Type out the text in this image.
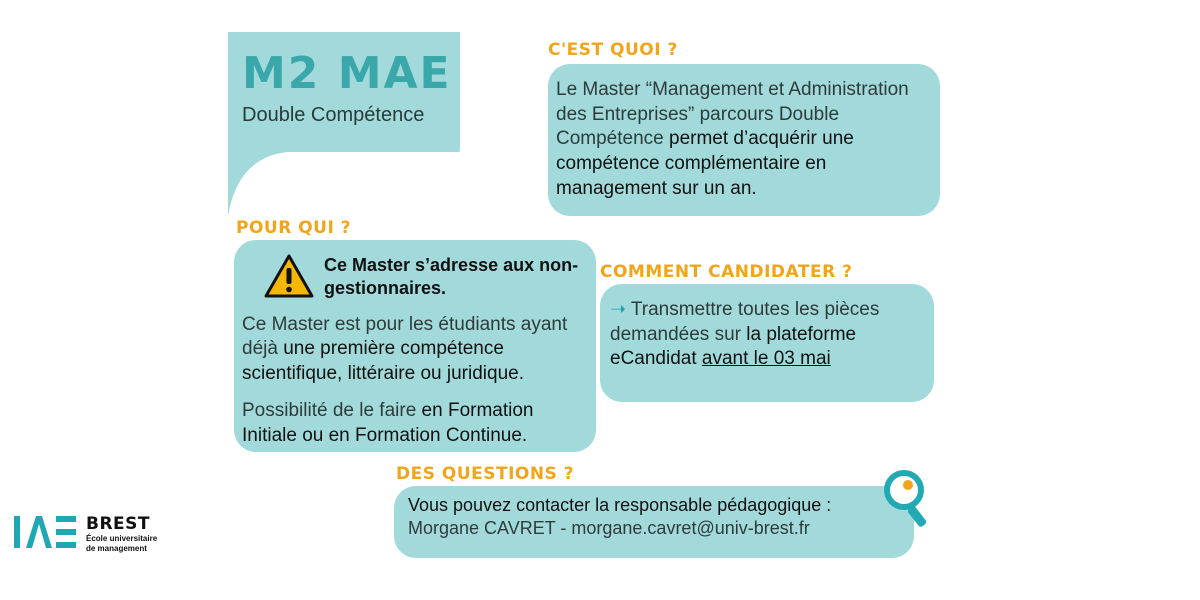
M2 MAE
Double Compétence
C'EST QUOI ?

Le Master “Management et Administration des Entreprises” parcours Double Compétence permet d’acquérir une compétence complémentaire en management sur un an.

POUR QUI ?
Ce Master s’adresse aux non-gestionnaires.

Ce Master est pour les étudiants ayant déjà une première compétence scientifique, littéraire ou juridique.

Possibilité de le faire en Formation Initiale ou en Formation Continue.

COMMENT CANDIDATER ?

➝ Transmettre toutes les pièces demandées sur la plateforme eCandidat avant le 03 mai

DES QUESTIONS ?

Vous pouvez contacter la responsable pédagogique :

Morgane CAVRET - morgane.cavret@univ-brest.fr

BREST
École universitaire de management
